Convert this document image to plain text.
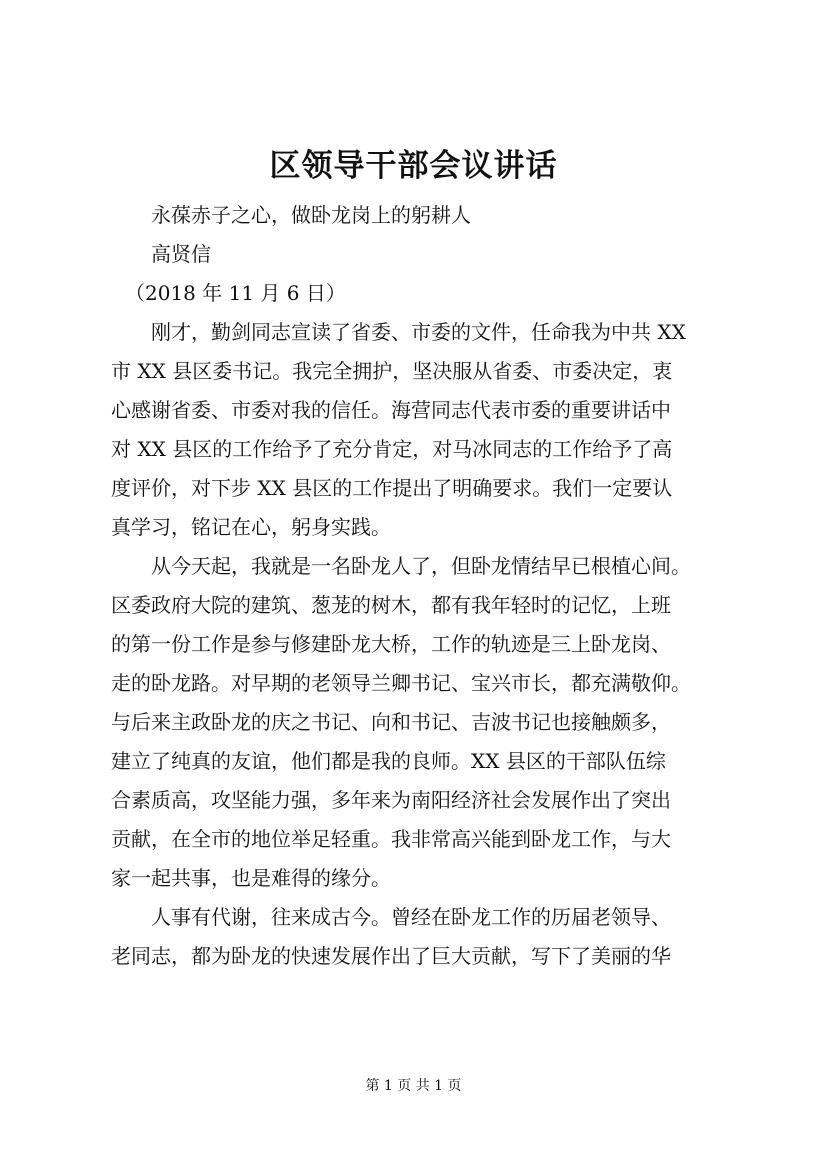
区领导干部会议讲话

永葆赤子之心，做卧龙岗上的躬耕人

高贤信

（2018 年 11 月 6 日）

刚才，勤剑同志宣读了省委、市委的文件，任命我为中共 XX

市 XX 县区委书记。我完全拥护，坚决服从省委、市委决定，衷

心感谢省委、市委对我的信任。海营同志代表市委的重要讲话中

对 XX 县区的工作给予了充分肯定，对马冰同志的工作给予了高

度评价，对下步 XX 县区的工作提出了明确要求。我们一定要认

真学习，铭记在心，躬身实践。

从今天起，我就是一名卧龙人了，但卧龙情结早已根植心间。

区委政府大院的建筑、葱茏的树木，都有我年轻时的记忆，上班

的第一份工作是参与修建卧龙大桥，工作的轨迹是三上卧龙岗、

走的卧龙路。对早期的老领导兰卿书记、宝兴市长，都充满敬仰。

与后来主政卧龙的庆之书记、向和书记、吉波书记也接触颇多，

建立了纯真的友谊，他们都是我的良师。XX 县区的干部队伍综

合素质高，攻坚能力强，多年来为南阳经济社会发展作出了突出

贡献，在全市的地位举足轻重。我非常高兴能到卧龙工作，与大

家一起共事，也是难得的缘分。

人事有代谢，往来成古今。曾经在卧龙工作的历届老领导、

老同志，都为卧龙的快速发展作出了巨大贡献，写下了美丽的华

第 1 页 共 1 页
